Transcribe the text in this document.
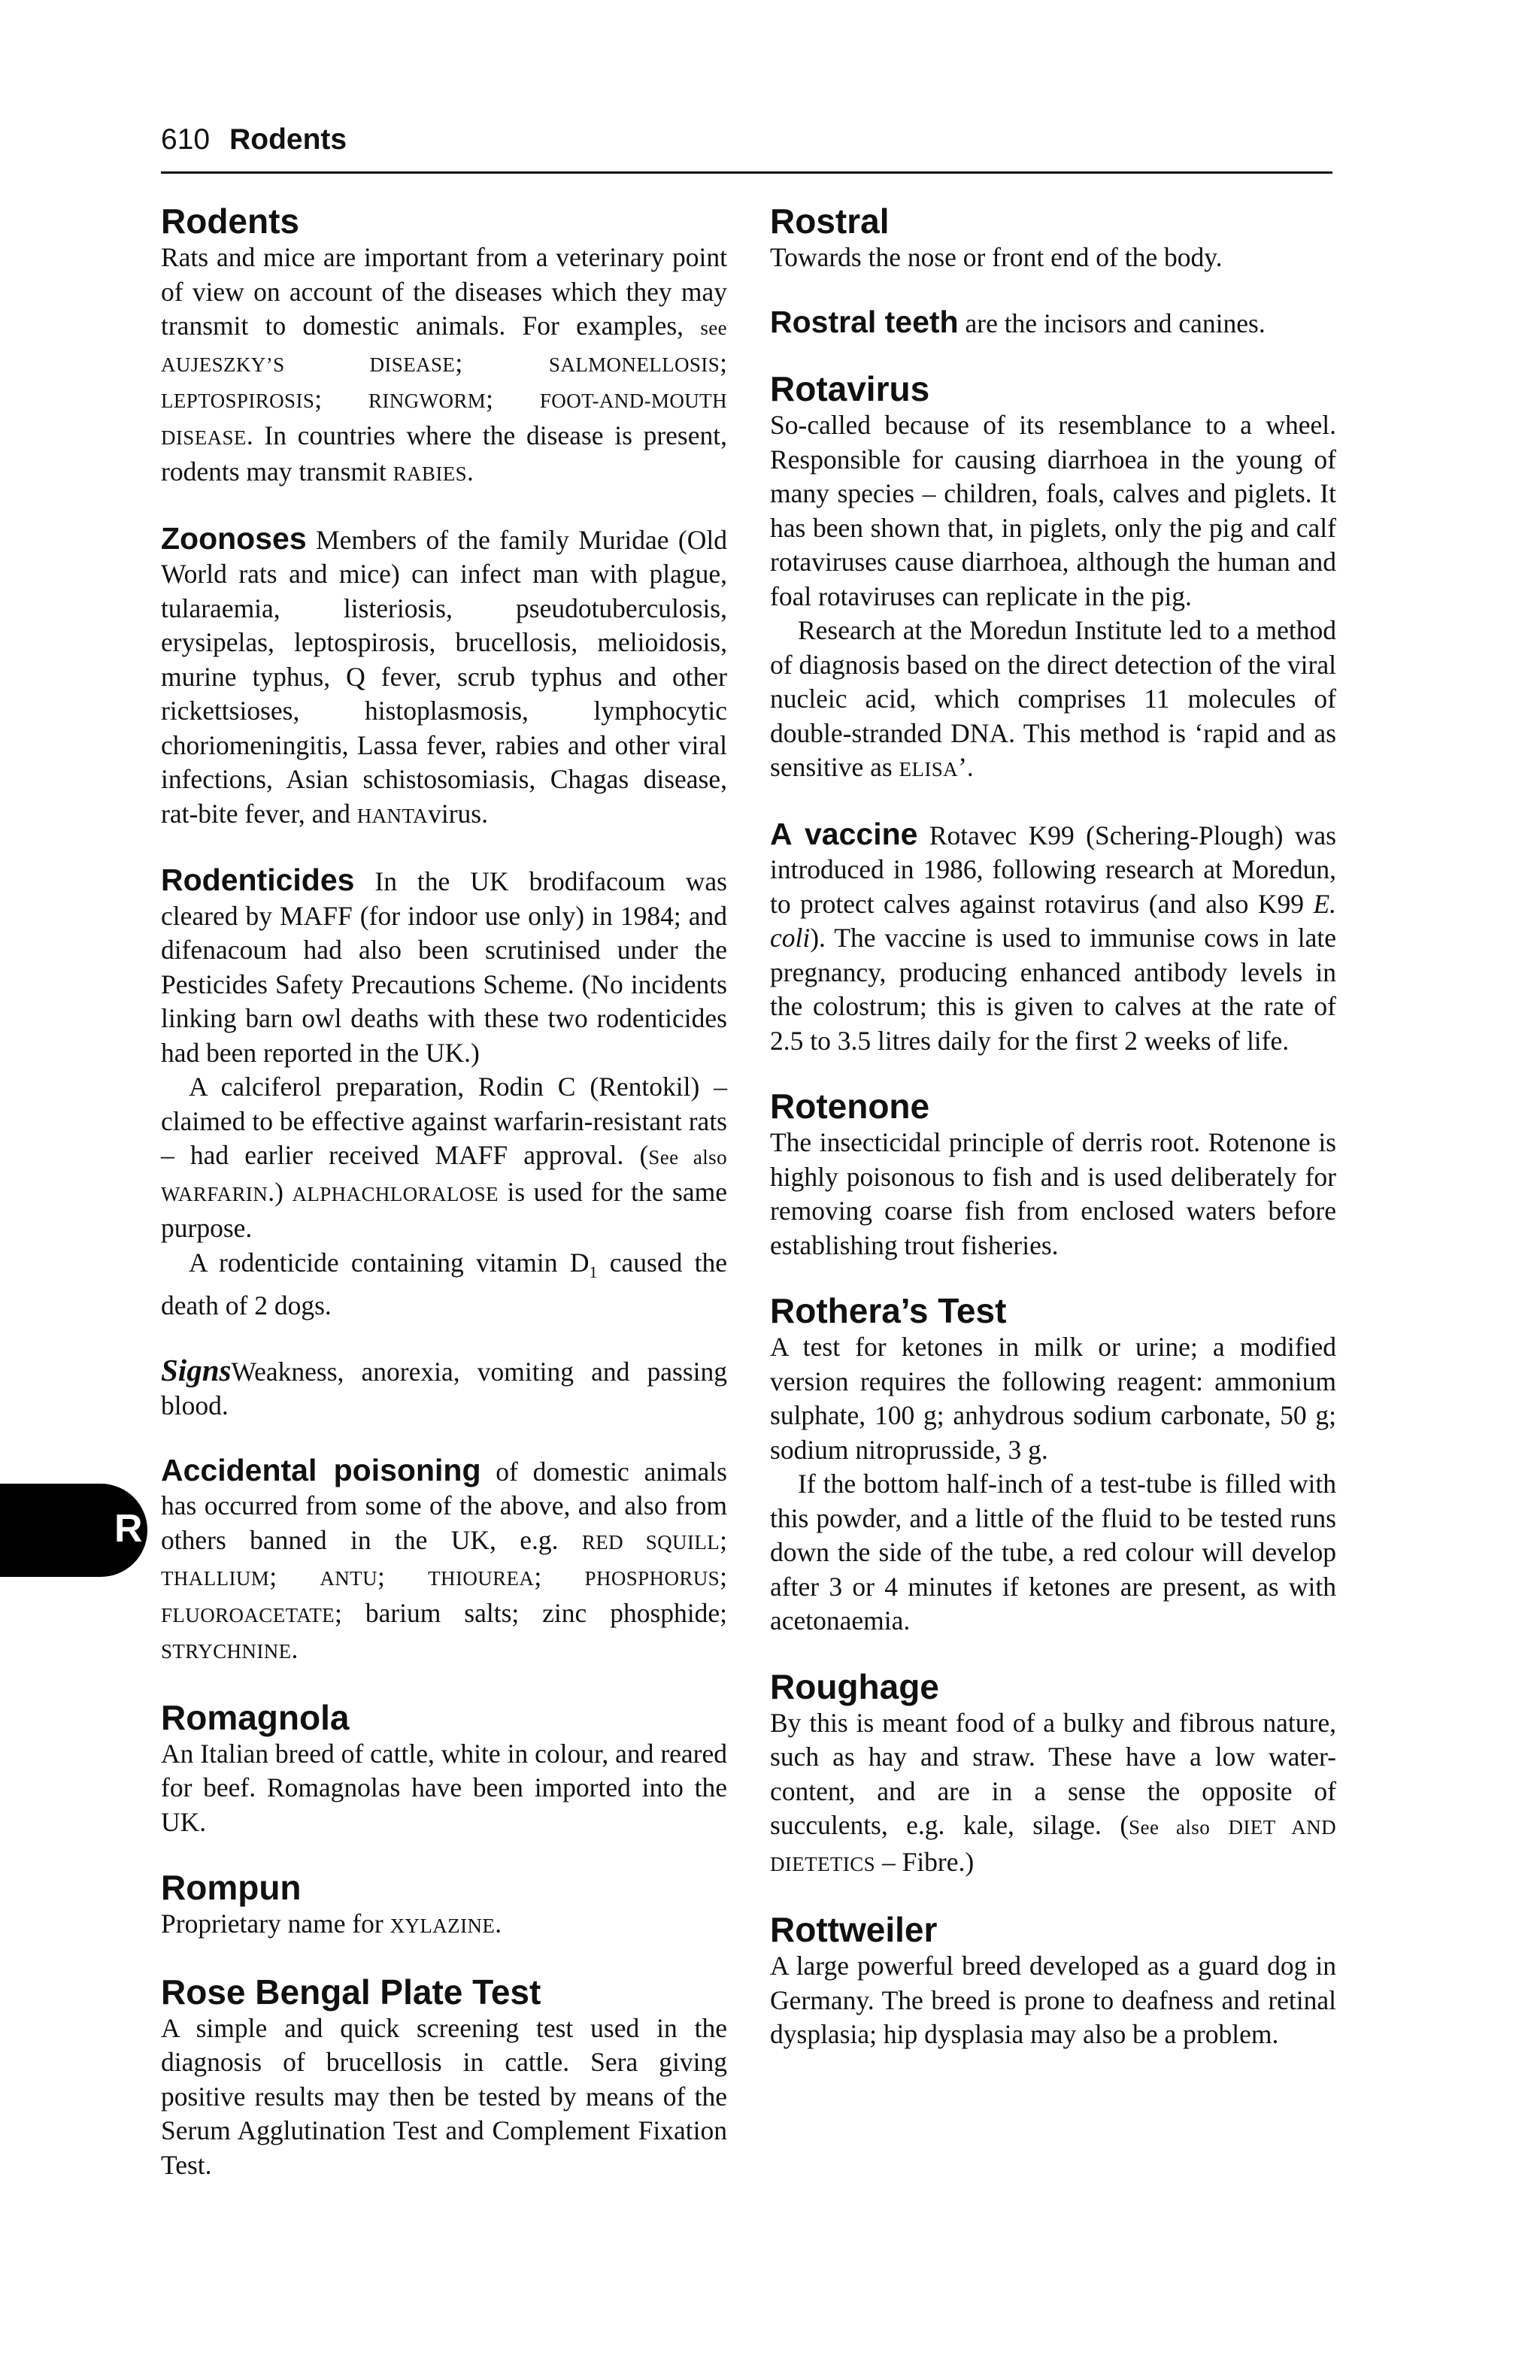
610 Rodents
R
Rodents

Rats and mice are important from a veterinary point of view on account of the diseases which they may transmit to domestic animals. For examples, see AUJESZKY’S DISEASE; SALMONELLOSIS; LEPTOSPIROSIS; RINGWORM; FOOT-AND-MOUTH DISEASE. In countries where the disease is present, rodents may transmit RABIES.

Zoonoses Members of the family Muridae (Old World rats and mice) can infect man with plague, tularaemia, listeriosis, pseudotuberculosis, erysipelas, leptospirosis, brucellosis, melioidosis, murine typhus, Q fever, scrub typhus and other rickettsioses, histoplasmosis, lymphocytic choriomeningitis, Lassa fever, rabies and other viral infections, Asian schistosomiasis, Chagas disease, rat-bite fever, and HANTAvirus.

Rodenticides In the UK brodifacoum was cleared by MAFF (for indoor use only) in 1984; and difenacoum had also been scrutinised under the Pesticides Safety Precautions Scheme. (No incidents linking barn owl deaths with these two rodenticides had been reported in the UK.)

A calciferol preparation, Rodin C (Rentokil) – claimed to be effective against warfarin-resistant rats – had earlier received MAFF approval. (See also WARFARIN.) ALPHACHLORALOSE is used for the same purpose.

A rodenticide containing vitamin $D_1$ caused the death of 2 dogs.

SignsWeakness, anorexia, vomiting and passing blood.

Accidental poisoning of domestic animals has occurred from some of the above, and also from others banned in the UK, e.g. RED SQUILL; THALLIUM; ANTU; THIOUREA; PHOSPHORUS; FLUOROACETATE; barium salts; zinc phosphide; STRYCHNINE.

Romagnola

An Italian breed of cattle, white in colour, and reared for beef. Romagnolas have been imported into the UK.

Rompun

Proprietary name for XYLAZINE.

Rose Bengal Plate Test

A simple and quick screening test used in the diagnosis of brucellosis in cattle. Sera giving positive results may then be tested by means of the Serum Agglutination Test and Complement Fixation Test.

Rostral

Towards the nose or front end of the body.

Rostral teeth are the incisors and canines.

Rotavirus

So-called because of its resemblance to a wheel. Responsible for causing diarrhoea in the young of many species – children, foals, calves and piglets. It has been shown that, in piglets, only the pig and calf rotaviruses cause diarrhoea, although the human and foal rotaviruses can replicate in the pig.

Research at the Moredun Institute led to a method of diagnosis based on the direct detection of the viral nucleic acid, which comprises 11 molecules of double-stranded DNA. This method is ‘rapid and as sensitive as ELISA’.

A vaccine Rotavec K99 (Schering-Plough) was introduced in 1986, following research at Moredun, to protect calves against rotavirus (and also K99 E. coli). The vaccine is used to immunise cows in late pregnancy, producing enhanced antibody levels in the colostrum; this is given to calves at the rate of 2.5 to 3.5 litres daily for the first 2 weeks of life.

Rotenone

The insecticidal principle of derris root. Rotenone is highly poisonous to fish and is used deliberately for removing coarse fish from enclosed waters before establishing trout fisheries.

Rothera’s Test

A test for ketones in milk or urine; a modified version requires the following reagent: ammonium sulphate, 100 g; anhydrous sodium carbonate, 50 g; sodium nitroprusside, 3 g.

If the bottom half-inch of a test-tube is filled with this powder, and a little of the fluid to be tested runs down the side of the tube, a red colour will develop after 3 or 4 minutes if ketones are present, as with acetonaemia.

Roughage

By this is meant food of a bulky and fibrous nature, such as hay and straw. These have a low water-content, and are in a sense the opposite of succulents, e.g. kale, silage. (See also DIET AND DIETETICS – Fibre.)

Rottweiler

A large powerful breed developed as a guard dog in Germany. The breed is prone to deafness and retinal dysplasia; hip dysplasia may also be a problem.
